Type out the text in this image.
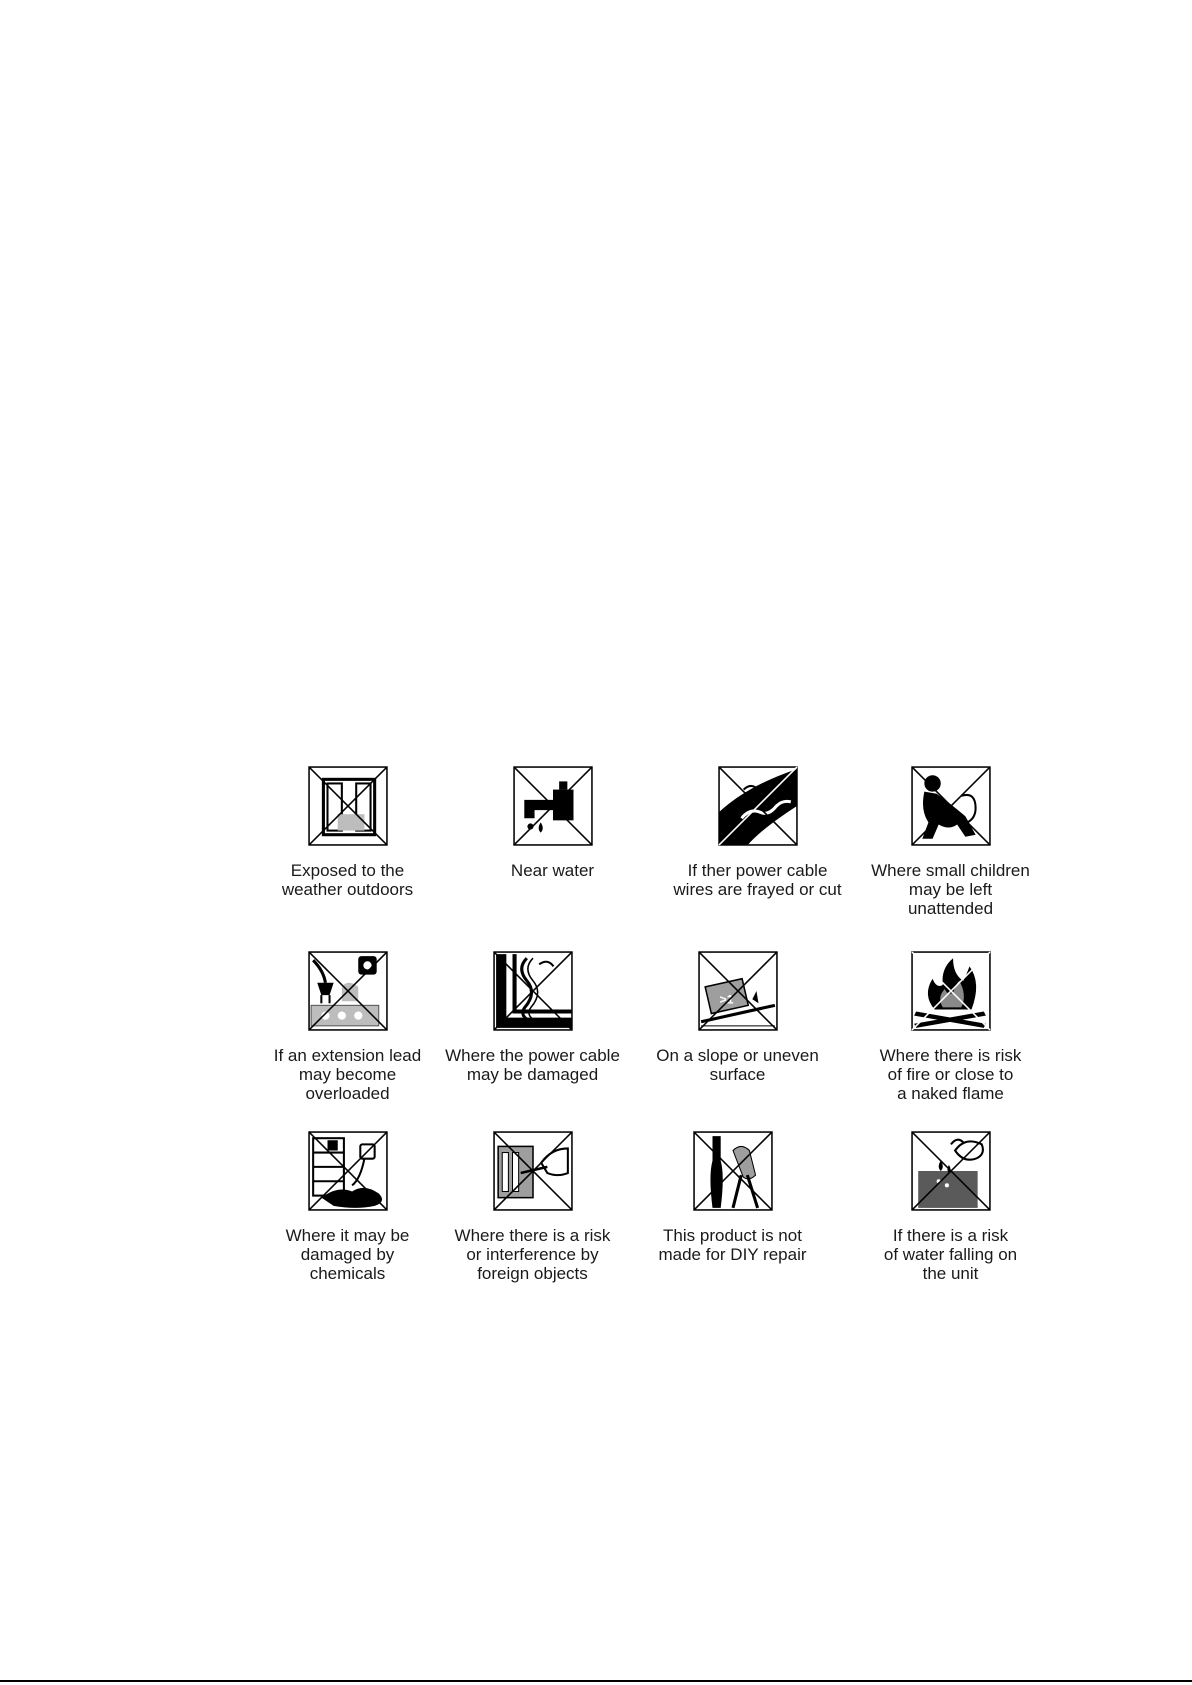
Exposed to the
weather outdoors
Near water	If ther power cable
wires are frayed or cut
Where small children
may be left
unattended
If an extension lead
may become
overloaded
Where the power cable
may be damaged
>1
On a slope or uneven
surface
Where there is risk
of fire or close to
a naked flame
Where it may be
damaged by
chemicals
Where there is a risk
or interference by
foreign objects
This product is not
made for DIY repair
If there is a risk
of water falling on
the unit
